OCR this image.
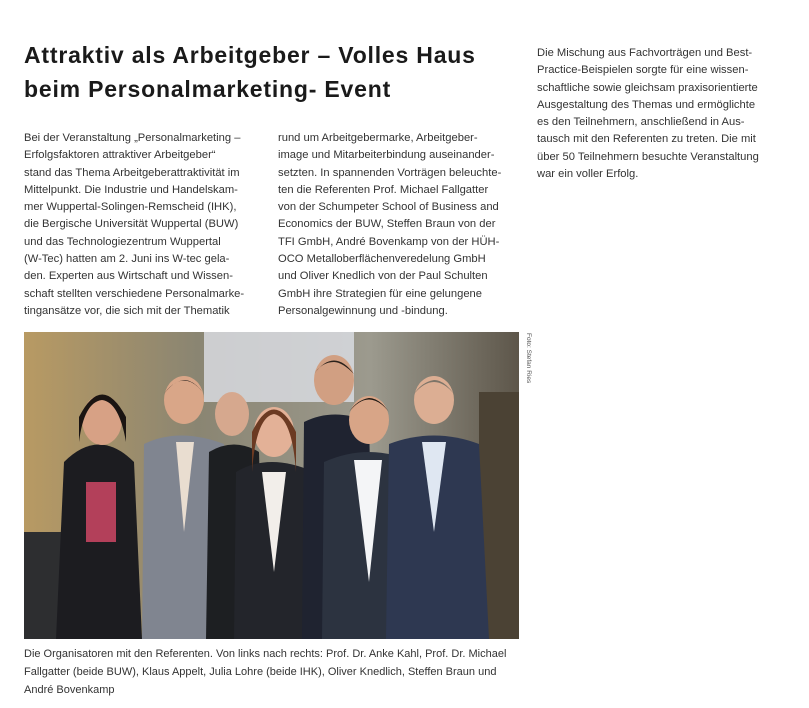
Attraktiv als Arbeitgeber – Volles Haus beim Personalmarketing- Event

Bei der Veranstaltung „Personalmarketing –
Erfolgsfaktoren attraktiver Arbeitgeber“
stand das Thema Arbeitgeberattraktivität im
Mittelpunkt. Die Industrie und Handelskam-
mer Wuppertal-Solingen-Remscheid (IHK),
die Bergische Universität Wuppertal (BUW)
und das Technologiezentrum Wuppertal
(W-Tec) hatten am 2. Juni ins W-tec gela-
den. Experten aus Wirtschaft und Wissen-
schaft stellten verschiedene Personalmarke-
tingansätze vor, die sich mit der Thematik

rund um Arbeitgebermarke, Arbeitgeber-
image und Mitarbeiterbindung auseinander-
setzten. In spannenden Vorträgen beleuchte-
ten die Referenten Prof. Michael Fallgatter
von der Schumpeter School of Business and
Economics der BUW, Steffen Braun von der
TFI GmbH, André Bovenkamp von der HÜH-
OCO Metalloberflächenveredelung GmbH
und Oliver Knedlich von der Paul Schulten
GmbH ihre Strategien für eine gelungene
Personalgewinnung und -bindung.

Die Mischung aus Fachvorträgen und Best-
Practice-Beispielen sorgte für eine wissen-
schaftliche sowie gleichsam praxisorientierte
Ausgestaltung des Themas und ermöglichte
es den Teilnehmern, anschließend in Aus-
tausch mit den Referenten zu treten. Die mit
über 50 Teilnehmern besuchte Veranstaltung
war ein voller Erfolg.

Foto: Stefan Ries

Die Organisatoren mit den Referenten. Von links nach rechts: Prof. Dr. Anke Kahl, Prof. Dr. Michael Fallgatter (beide BUW), Klaus Appelt, Julia Lohre (beide IHK), Oliver Knedlich, Steffen Braun und André Bovenkamp
